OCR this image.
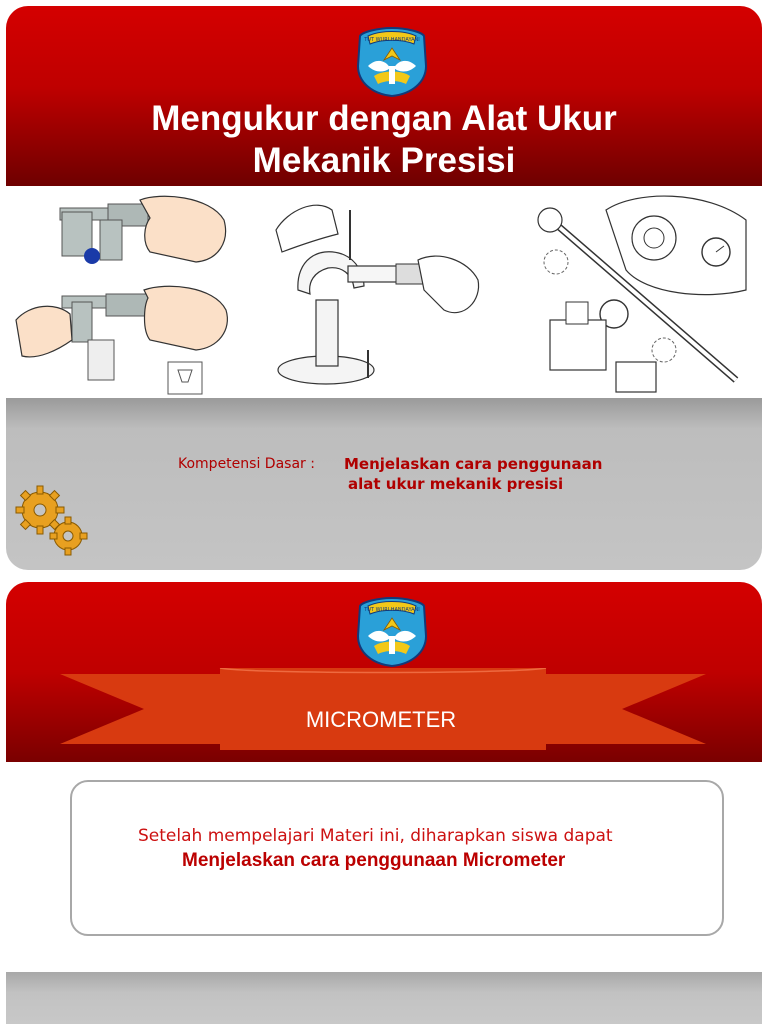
TUT WURI HANDAYANI
Mengukur dengan Alat Ukur
Mekanik Presisi
Kompetensi Dasar : Menjelaskan cara penggunaan
alat ukur mekanik presisi
TUT WURI HANDAYANI
MICROMETER
Setelah mempelajari Materi ini, diharapkan siswa dapat
Menjelaskan cara penggunaan Micrometer
